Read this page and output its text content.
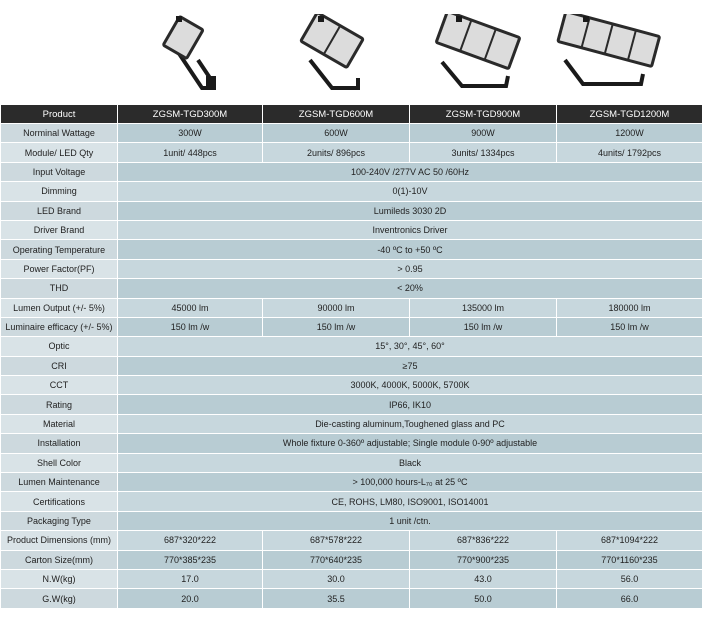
Product	ZGSM-TGD300M	ZGSM-TGD600M	ZGSM-TGD900M	ZGSM-TGD1200M
Norminal Wattage	300W	600W	900W	1200W
Module/ LED Qty	1unit/ 448pcs	2units/ 896pcs	3units/ 1334pcs	4units/ 1792pcs
Input Voltage	100-240V /277V AC 50 /60Hz			
Dimming	0(1)-10V			
LED Brand	Lumileds 3030 2D			
Driver Brand	Inventronics Driver			
Operating Temperature	-40 ºC to +50 ºC			
Power Factor(PF)	> 0.95			
THD	< 20%			
Lumen Output (+/- 5%)	45000 lm	90000 lm	135000 lm	180000 lm
Luminaire efficacy (+/- 5%)	150 lm /w	150 lm /w	150 lm /w	150 lm /w
Optic	15°, 30°, 45°, 60°			
CRI	≥75			
CCT	3000K, 4000K, 5000K, 5700K			
Rating	IP66, IK10			
Material	Die-casting aluminum,Toughened glass and PC			
Installation	Whole fixture 0-360º adjustable; Single module 0-90º adjustable			
Shell Color	Black			
Lumen Maintenance	> 100,000 hours-L₇₀ at 25 ºC			
Certifications	CE, ROHS, LM80, ISO9001, ISO14001			
Packaging Type	1 unit /ctn.			
Product Dimensions (mm)	687*320*222	687*578*222	687*836*222	687*1094*222
Carton Size(mm)	770*385*235	770*640*235	770*900*235	770*1160*235
N.W(kg)	17.0	30.0	43.0	56.0
G.W(kg)	20.0	35.5	50.0	66.0
